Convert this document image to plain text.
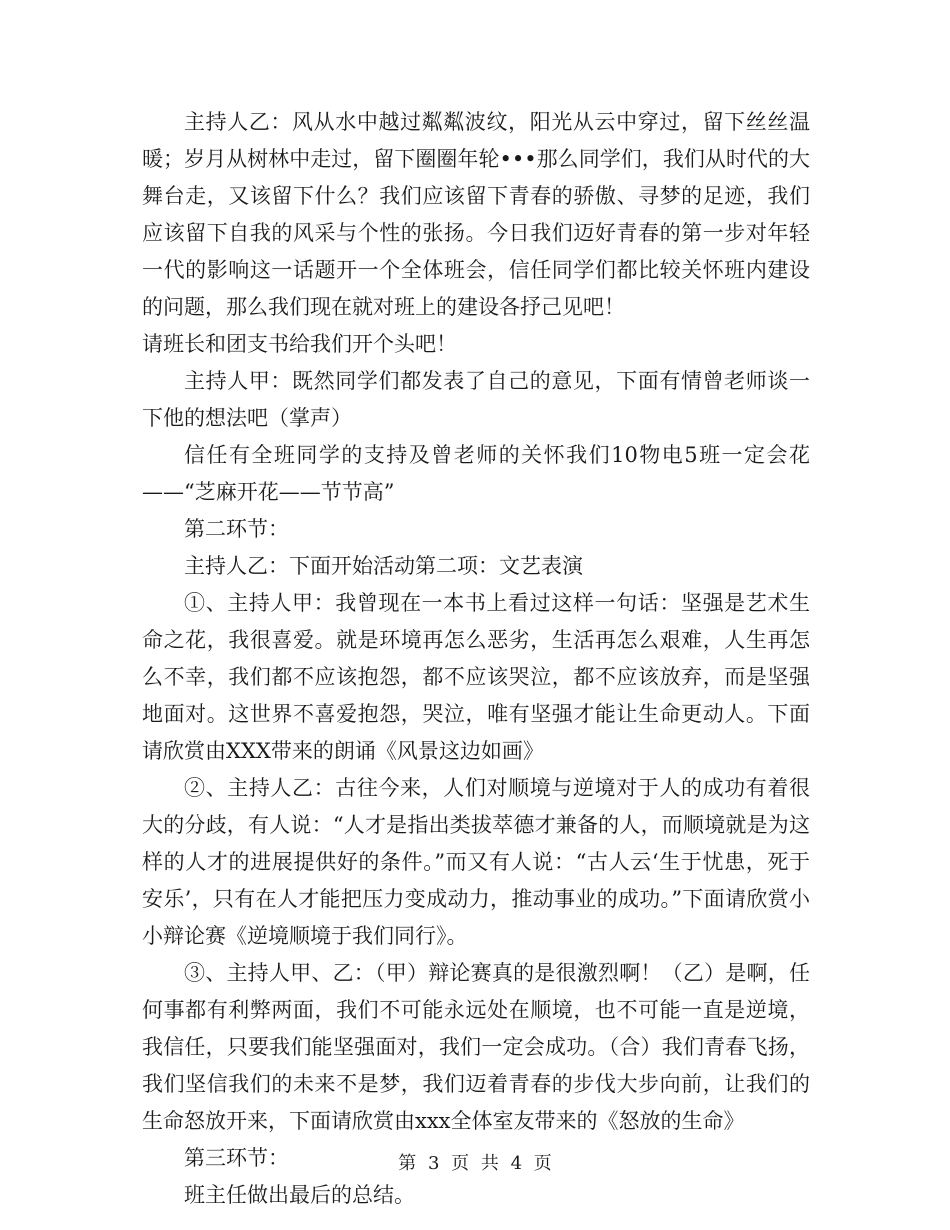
主持人乙：风从水中越过粼粼波纹，阳光从云中穿过，留下丝丝温暖；岁月从树林中走过，留下圈圈年轮•••那么同学们，我们从时代的大舞台走，又该留下什么？我们应该留下青春的骄傲、寻梦的足迹，我们应该留下自我的风采与个性的张扬。今日我们迈好青春的第一步对年轻一代的影响这一话题开一个全体班会，信任同学们都比较关怀班内建设的问题，那么我们现在就对班上的建设各抒己见吧！

请班长和团支书给我们开个头吧！

主持人甲：既然同学们都发表了自己的意见，下面有情曾老师谈一下他的想法吧（掌声）

信任有全班同学的支持及曾老师的关怀我们10物电5班一定会花——“芝麻开花——节节高”

第二环节：

主持人乙：下面开始活动第二项：文艺表演

①、主持人甲：我曾现在一本书上看过这样一句话：坚强是艺术生命之花，我很喜爱。就是环境再怎么恶劣，生活再怎么艰难，人生再怎么不幸，我们都不应该抱怨，都不应该哭泣，都不应该放弃，而是坚强地面对。这世界不喜爱抱怨，哭泣，唯有坚强才能让生命更动人。下面请欣赏由XXX带来的朗诵《风景这边如画》

②、主持人乙：古往今来，人们对顺境与逆境对于人的成功有着很大的分歧，有人说：“人才是指出类拔萃德才兼备的人，而顺境就是为这样的人才的进展提供好的条件。”而又有人说：“古人云‘生于忧患，死于安乐’，只有在人才能把压力变成动力，推动事业的成功。”下面请欣赏小小辩论赛《逆境顺境于我们同行》。

③、主持人甲、乙：（甲）辩论赛真的是很激烈啊！（乙）是啊，任何事都有利弊两面，我们不可能永远处在顺境，也不可能一直是逆境，我信任，只要我们能坚强面对，我们一定会成功。（合）我们青春飞扬，我们坚信我们的未来不是梦，我们迈着青春的步伐大步向前，让我们的生命怒放开来，下面请欣赏由xxx全体室友带来的《怒放的生命》

第三环节：

班主任做出最后的总结。

第 3 页 共 4 页
